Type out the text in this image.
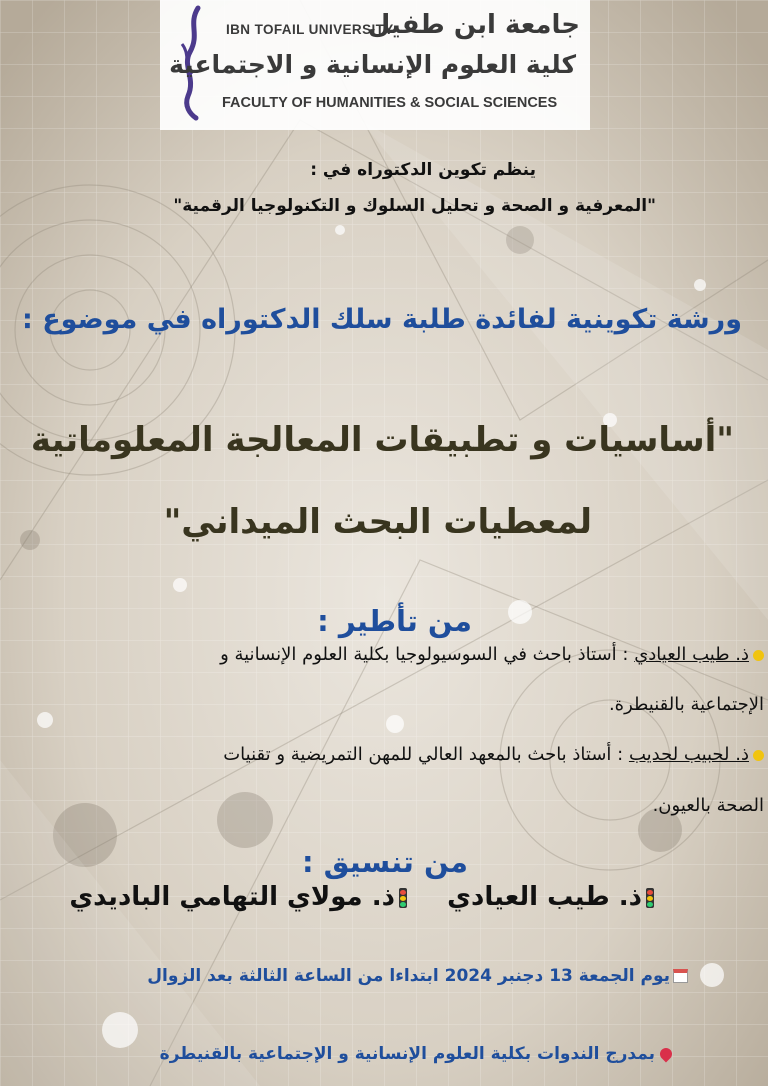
IBN TOFAIL UNIVERSITY
جامعة ابن طفيل
كلية العلوم الإنسانية و الاجتماعية
FACULTY OF HUMANITIES & SOCIAL SCIENCES
ينظم تكوين الدكتوراه في :
"المعرفية و الصحة و تحليل السلوك و التكنولوجيا الرقمية"
ورشة تكوينية لفائدة طلبة سلك الدكتوراه في موضوع :
"أساسيات و تطبيقات المعالجة المعلوماتية
لمعطيات البحث الميداني"
من تأطير :
ذ. طيب العيادي : أستاذ باحث في السوسيولوجيا بكلية العلوم الإنسانية و
الإجتماعية بالقنيطرة.
ذ. لحبيب لحديب : أستاذ باحث بالمعهد العالي للمهن التمريضية و تقنيات
الصحة بالعيون.
من تنسيق :
ذ. طيب العيادي
ذ. مولاي التهامي الباديدي
يوم الجمعة 13 دجنبر 2024 ابتداءا من الساعة الثالثة بعد الزوال
بمدرج الندوات بكلية العلوم الإنسانية و الإجتماعية بالقنيطرة
